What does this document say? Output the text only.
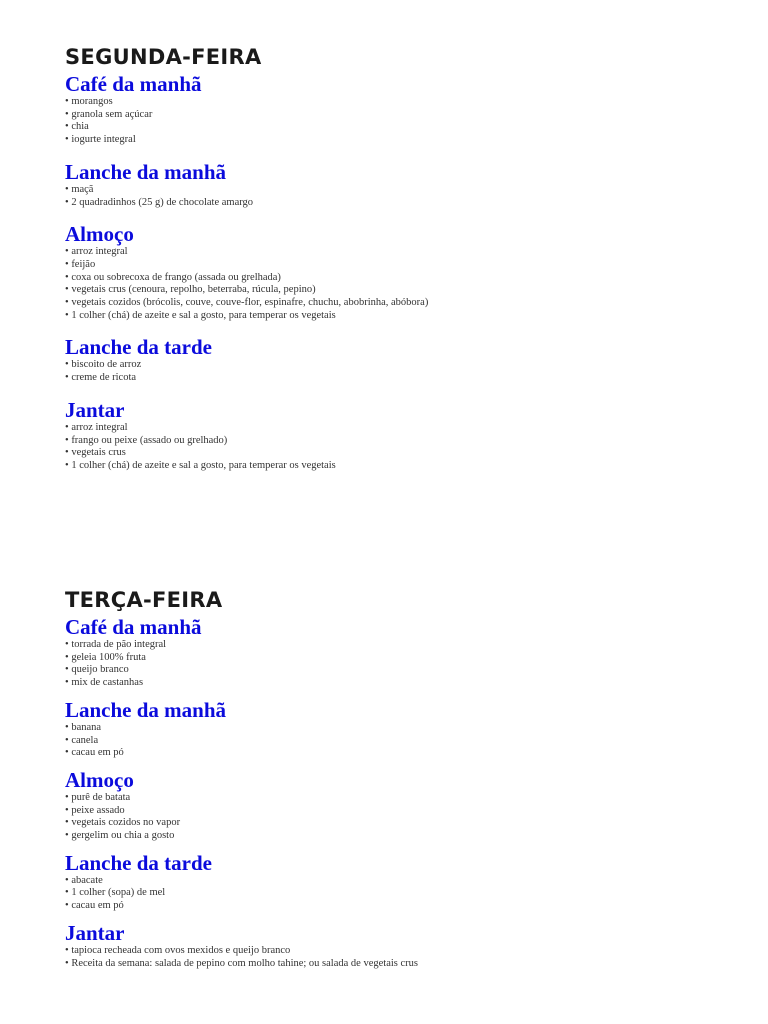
SEGUNDA-FEIRA
Café da manhã
• morangos
• granola sem açúcar
• chia
• iogurte integral
Lanche da manhã
• maçã
• 2 quadradinhos (25 g) de chocolate amargo
Almoço
• arroz integral
• feijão
• coxa ou sobrecoxa de frango (assada ou grelhada)
• vegetais crus (cenoura, repolho, beterraba, rúcula, pepino)
• vegetais cozidos (brócolis, couve, couve-flor, espinafre, chuchu, abobrinha, abóbora)
• 1 colher (chá) de azeite e sal a gosto, para temperar os vegetais
Lanche da tarde
• biscoito de arroz
• creme de ricota
Jantar
• arroz integral
• frango ou peixe (assado ou grelhado)
• vegetais crus
• 1 colher (chá) de azeite e sal a gosto, para temperar os vegetais
TERÇA-FEIRA
Café da manhã
• torrada de pão integral
• geleia 100% fruta
• queijo branco
• mix de castanhas
Lanche da manhã
• banana
• canela
• cacau em pó
Almoço
• purê de batata
• peixe assado
• vegetais cozidos no vapor
• gergelim ou chia a gosto
Lanche da tarde
• abacate
• 1 colher (sopa) de mel
• cacau em pó
Jantar
• tapioca recheada com ovos mexidos e queijo branco
• Receita da semana: salada de pepino com molho tahine; ou salada de vegetais crus
